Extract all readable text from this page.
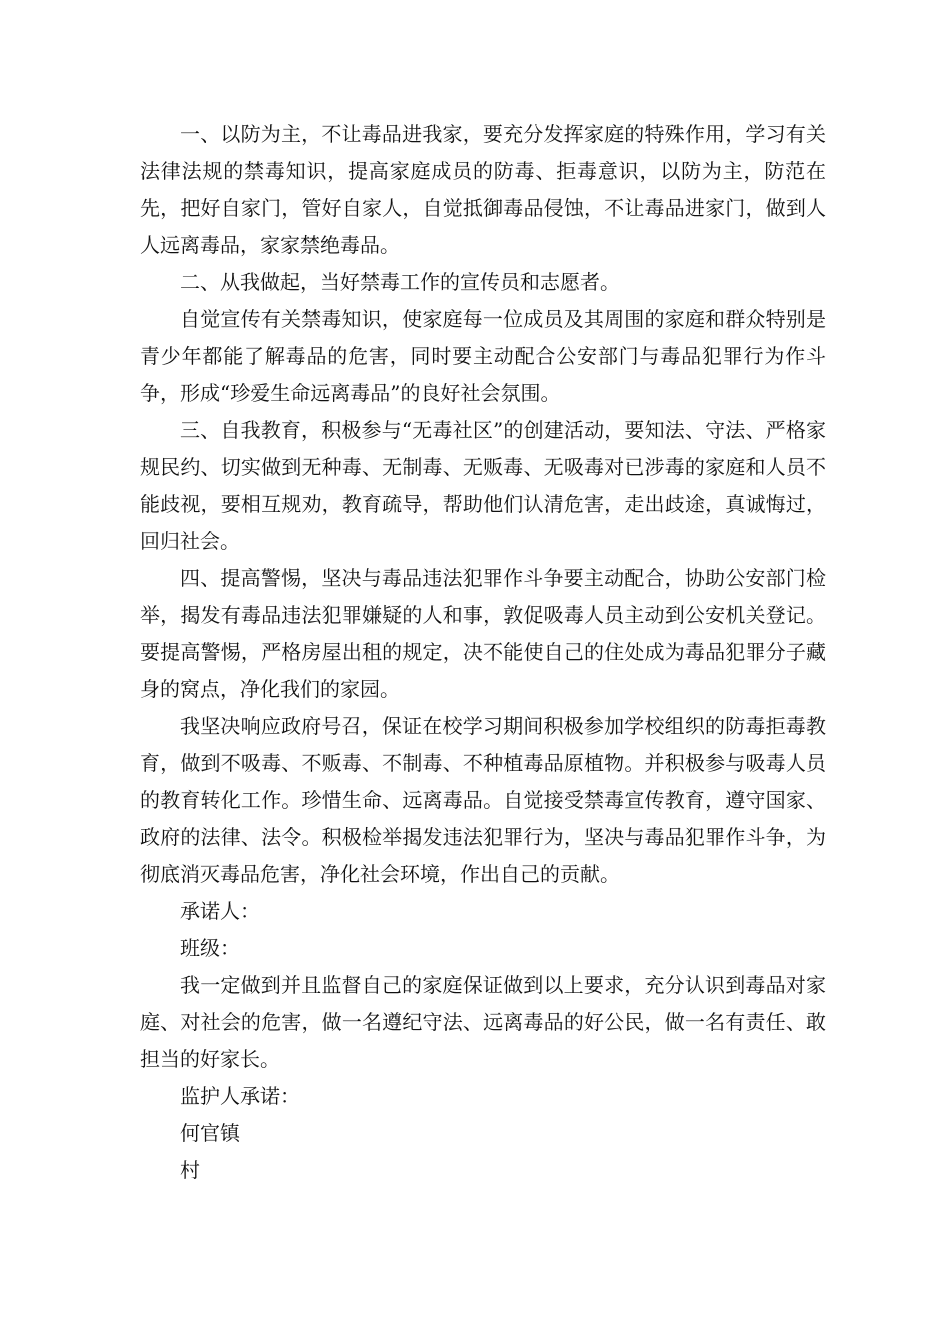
一、以防为主，不让毒品进我家，要充分发挥家庭的特殊作用，学习有关法律法规的禁毒知识，提高家庭成员的防毒、拒毒意识，以防为主，防范在先，把好自家门，管好自家人，自觉抵御毒品侵蚀，不让毒品进家门，做到人人远离毒品，家家禁绝毒品。

二、从我做起，当好禁毒工作的宣传员和志愿者。

自觉宣传有关禁毒知识，使家庭每一位成员及其周围的家庭和群众特别是青少年都能了解毒品的危害，同时要主动配合公安部门与毒品犯罪行为作斗争，形成“珍爱生命远离毒品”的良好社会氛围。

三、自我教育，积极参与“无毒社区”的创建活动，要知法、守法、严格家规民约、切实做到无种毒、无制毒、无贩毒、无吸毒对已涉毒的家庭和人员不能歧视，要相互规劝，教育疏导，帮助他们认清危害，走出歧途，真诚悔过，回归社会。

四、提高警惕，坚决与毒品违法犯罪作斗争要主动配合，协助公安部门检举，揭发有毒品违法犯罪嫌疑的人和事，敦促吸毒人员主动到公安机关登记。要提高警惕，严格房屋出租的规定，决不能使自己的住处成为毒品犯罪分子藏身的窝点，净化我们的家园。

我坚决响应政府号召，保证在校学习期间积极参加学校组织的防毒拒毒教育，做到不吸毒、不贩毒、不制毒、不种植毒品原植物。并积极参与吸毒人员的教育转化工作。珍惜生命、远离毒品。自觉接受禁毒宣传教育，遵守国家、政府的法律、法令。积极检举揭发违法犯罪行为，坚决与毒品犯罪作斗争，为彻底消灭毒品危害，净化社会环境，作出自己的贡献。

承诺人：

班级：

我一定做到并且监督自己的家庭保证做到以上要求，充分认识到毒品对家庭、对社会的危害，做一名遵纪守法、远离毒品的好公民，做一名有责任、敢担当的好家长。

监护人承诺：

何官镇

村
